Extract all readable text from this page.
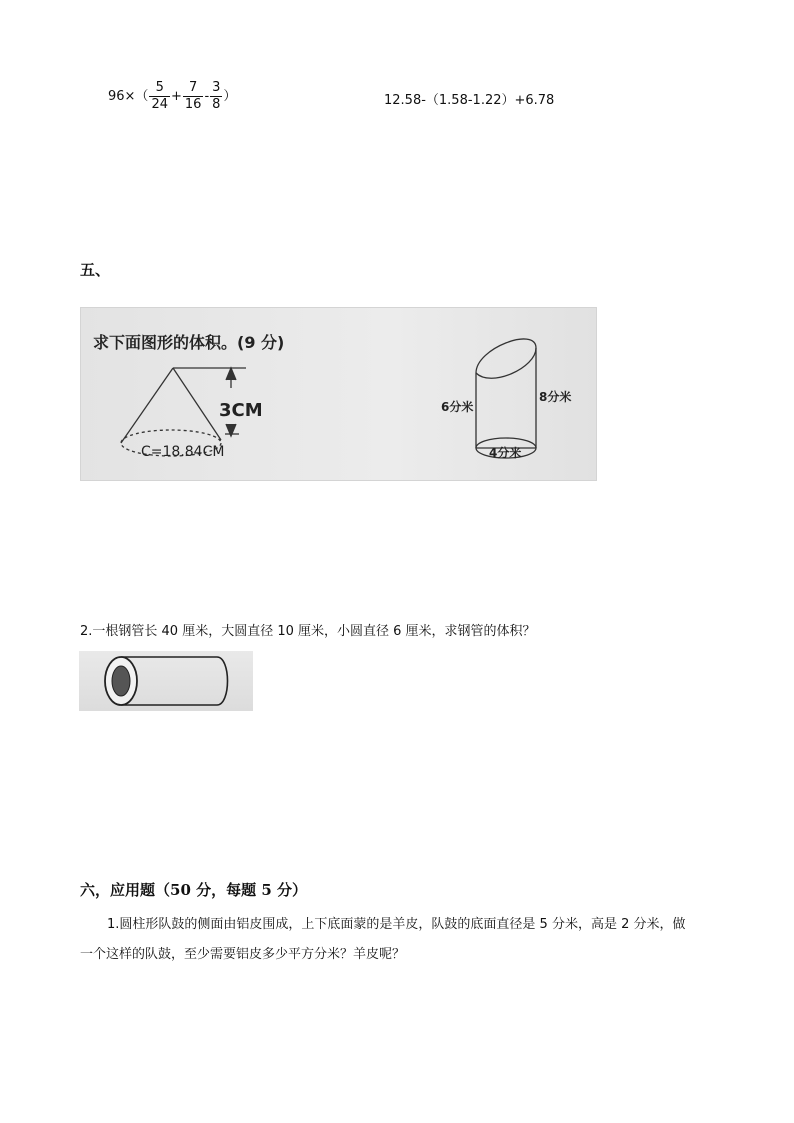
$96\times( \frac{5}{24} + \frac{7}{16} - \frac{3}{8}$ ）	12.58-（1.58-1.22）+6.78
五、
求下面图形的体积。(9 分)
3CM
C=18.84CM
6分米
8分米
4分米
2.一根钢管长 40 厘米，大圆直径 10 厘米，小圆直径 6 厘米，求钢管的体积？
六，应用题（50 分，每题 5 分）
1.圆柱形队鼓的侧面由铝皮围成，上下底面蒙的是羊皮，队鼓的底面直径是 5 分米，高是 2 分米，做
一个这样的队鼓，至少需要铝皮多少平方分米？羊皮呢？
